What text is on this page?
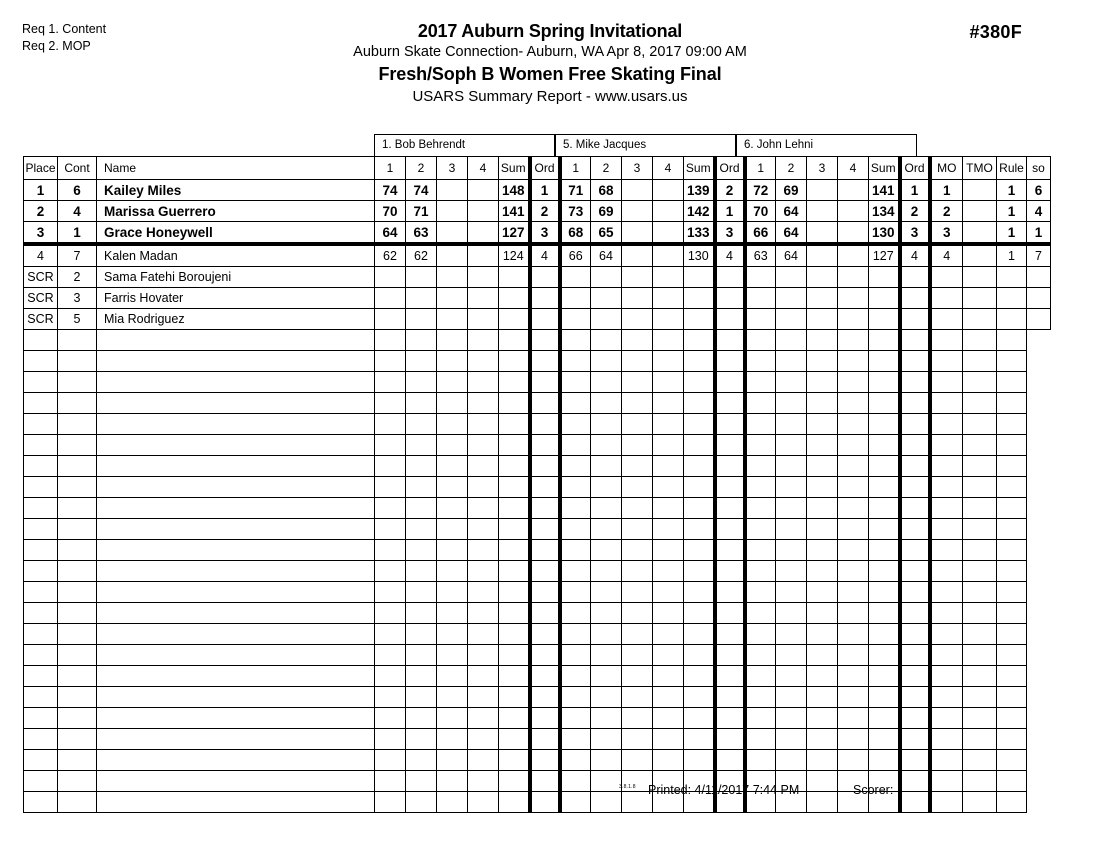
Req 1. Content
Req 2. MOP
2017 Auburn Spring Invitational
Auburn Skate Connection- Auburn, WA Apr 8, 2017 09:00 AM
Fresh/Soph B Women Free Skating Final
USARS Summary Report - www.usars.us
#380F
1. Bob Behrendt	5. Mike Jacques	6. John Lehni
Place	Cont	Name	1	2	3	4	Sum	Ord	1	2	3	4	Sum	Ord	1	2	3	4	Sum	Ord	MO	TMO	Rule	so
1	6	Kailey Miles	74	74			148	1	71	68			139	2	72	69			141	1	1		1	6
2	4	Marissa Guerrero	70	71			141	2	73	69			142	1	70	64			134	2	2		1	4
3	1	Grace Honeywell	64	63			127	3	68	65			133	3	66	64			130	3	3		1	1
4	7	Kalen Madan	62	62			124	4	66	64			130	4	63	64			127	4	4		1	7
SCR	2	Sama Fatehi Boroujeni																						
SCR	3	Farris Hovater																						
SCR	5	Mia Rodriguez																						

3.8.1.8 Printed: 4/11/2017 7:44 PM	Scorer:
